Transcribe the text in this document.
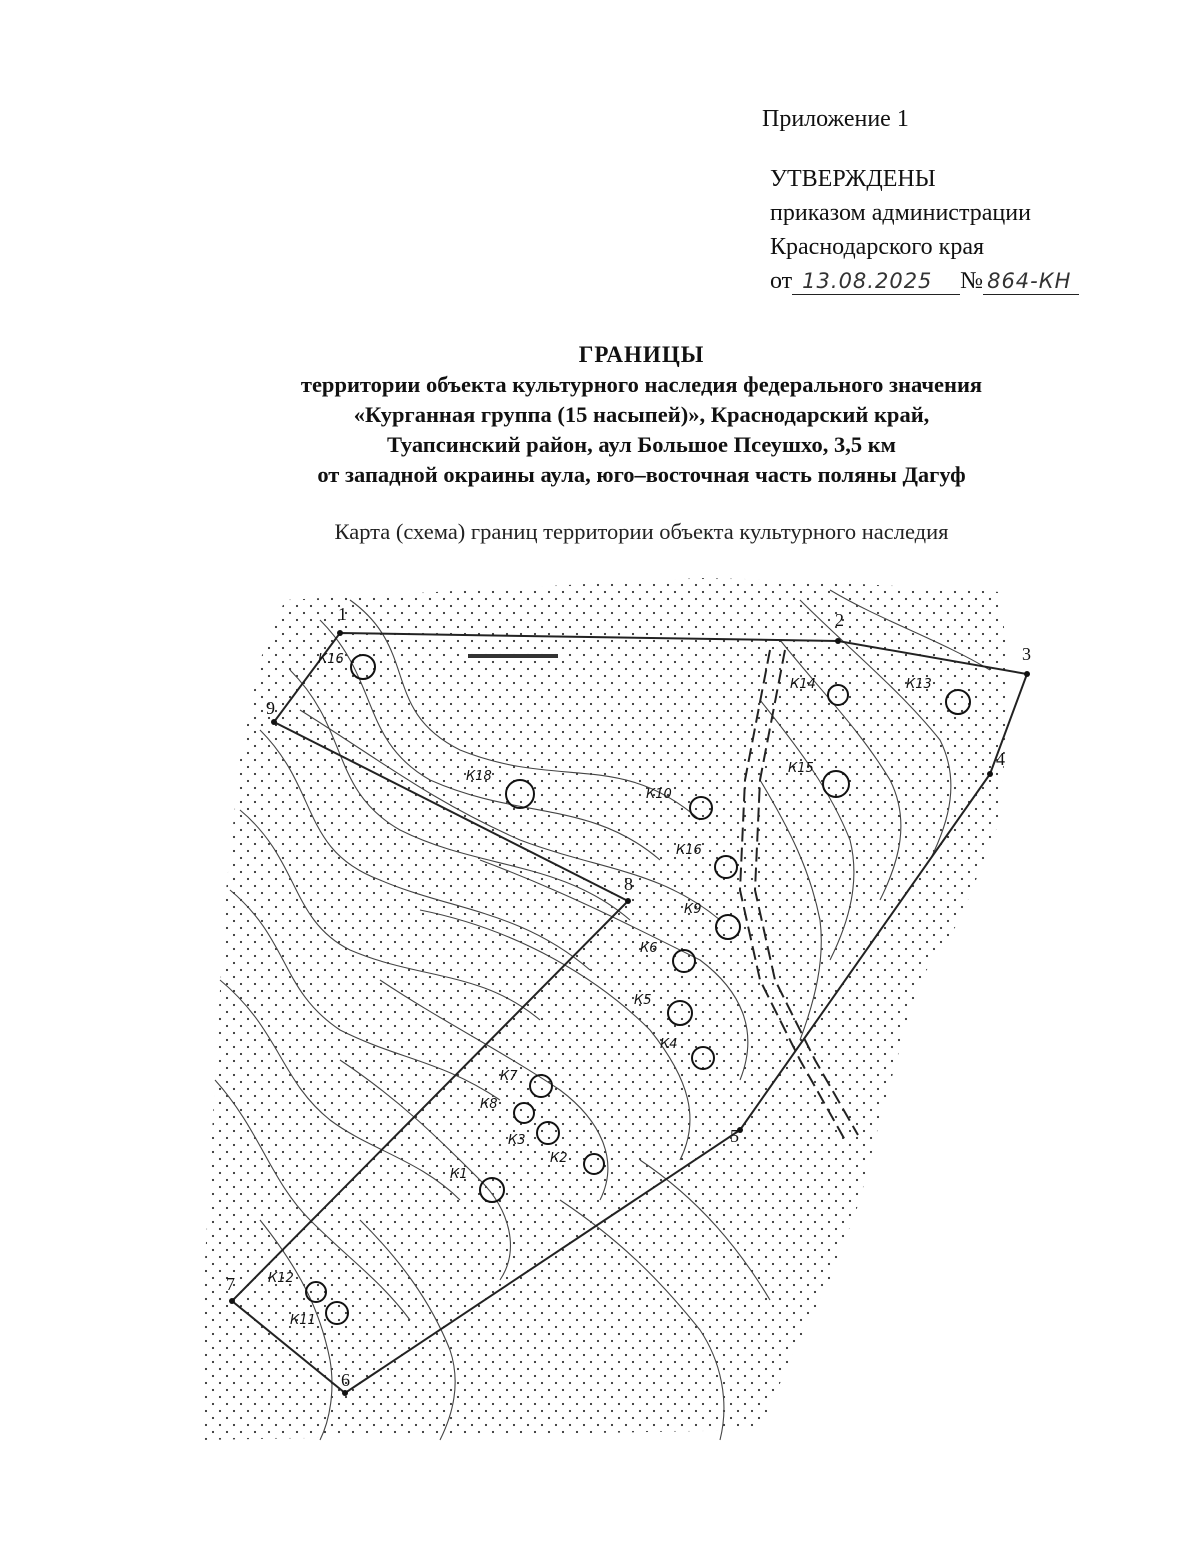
Приложение 1
УТВЕРЖДЕНЫ
приказом администрации
Краснодарского края
от 13.08.2025 № 864-КН
ГРАНИЦЫ
территории объекта культурного наследия федерального значения
«Курганная группа (15 насыпей)», Краснодарский край,
Туапсинский район, аул Большое Псеушхо, 3,5 км
от западной окраины аула, юго–восточная часть поляны Дагуф
Карта (схема) границ территории объекта культурного наследия
1	2
3
4
5
6
7
8
9
К16
К13
К14
К15
К18
К10
К16
К9
К6
К5
К4
К7
К8
К3
К2
К1
К12
К11
